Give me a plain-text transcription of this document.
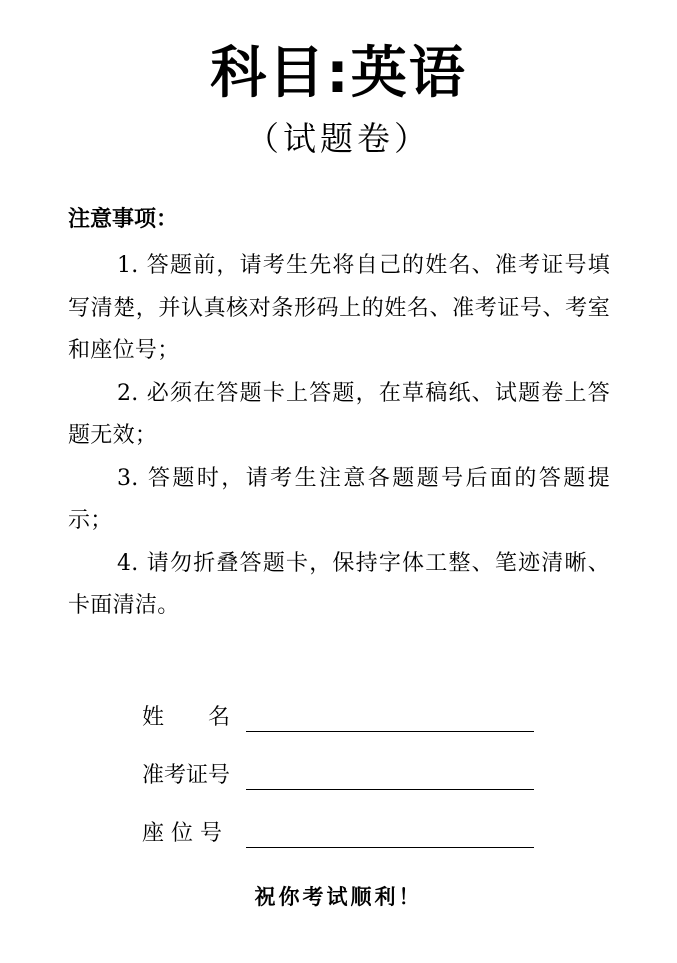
科目:英语
（试题卷）
注意事项：

1. 答题前，请考生先将自己的姓名、准考证号填写清楚，并认真核对条形码上的姓名、准考证号、考室和座位号；

2. 必须在答题卡上答题，在草稿纸、试题卷上答题无效；

3. 答题时，请考生注意各题题号后面的答题提示；

4. 请勿折叠答题卡，保持字体工整、笔迹清晰、卡面清洁。

姓　　名
准考证号
座 位 号
祝你考试顺利！
